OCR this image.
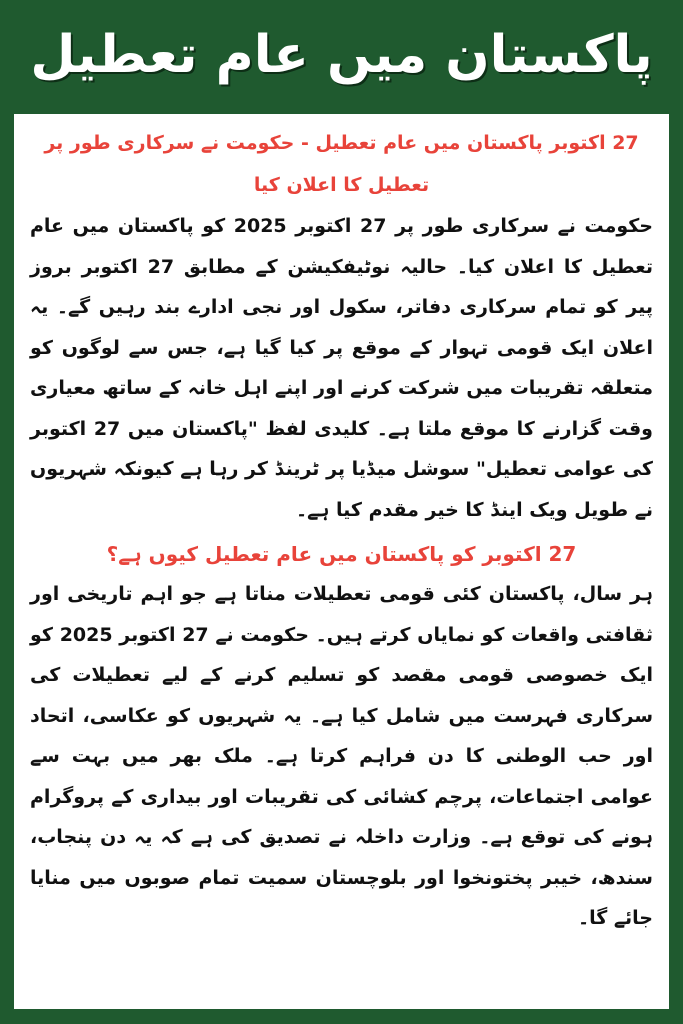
پاکستان میں عام تعطیل

27 اکتوبر پاکستان میں عام تعطیل - حکومت نے سرکاری طور پر تعطیل کا اعلان کیا

حکومت نے سرکاری طور پر 27 اکتوبر 2025 کو پاکستان میں عام تعطیل کا اعلان کیا۔ حالیہ نوٹیفکیشن کے مطابق 27 اکتوبر بروز پیر کو تمام سرکاری دفاتر، سکول اور نجی ادارے بند رہیں گے۔ یہ اعلان ایک قومی تہوار کے موقع پر کیا گیا ہے، جس سے لوگوں کو متعلقہ تقریبات میں شرکت کرنے اور اپنے اہل خانہ کے ساتھ معیاری وقت گزارنے کا موقع ملتا ہے۔ کلیدی لفظ "پاکستان میں 27 اکتوبر کی عوامی تعطیل" سوشل میڈیا پر ٹرینڈ کر رہا ہے کیونکہ شہریوں نے طویل ویک اینڈ کا خیر مقدم کیا ہے۔

27 اکتوبر کو پاکستان میں عام تعطیل کیوں ہے؟

ہر سال، پاکستان کئی قومی تعطیلات مناتا ہے جو اہم تاریخی اور ثقافتی واقعات کو نمایاں کرتے ہیں۔ حکومت نے 27 اکتوبر 2025 کو ایک خصوصی قومی مقصد کو تسلیم کرنے کے لیے تعطیلات کی سرکاری فہرست میں شامل کیا ہے۔ یہ شہریوں کو عکاسی، اتحاد اور حب الوطنی کا دن فراہم کرتا ہے۔ ملک بھر میں بہت سے عوامی اجتماعات، پرچم کشائی کی تقریبات اور بیداری کے پروگرام ہونے کی توقع ہے۔ وزارت داخلہ نے تصدیق کی ہے کہ یہ دن پنجاب، سندھ، خیبر پختونخوا اور بلوچستان سمیت تمام صوبوں میں منایا جائے گا۔
